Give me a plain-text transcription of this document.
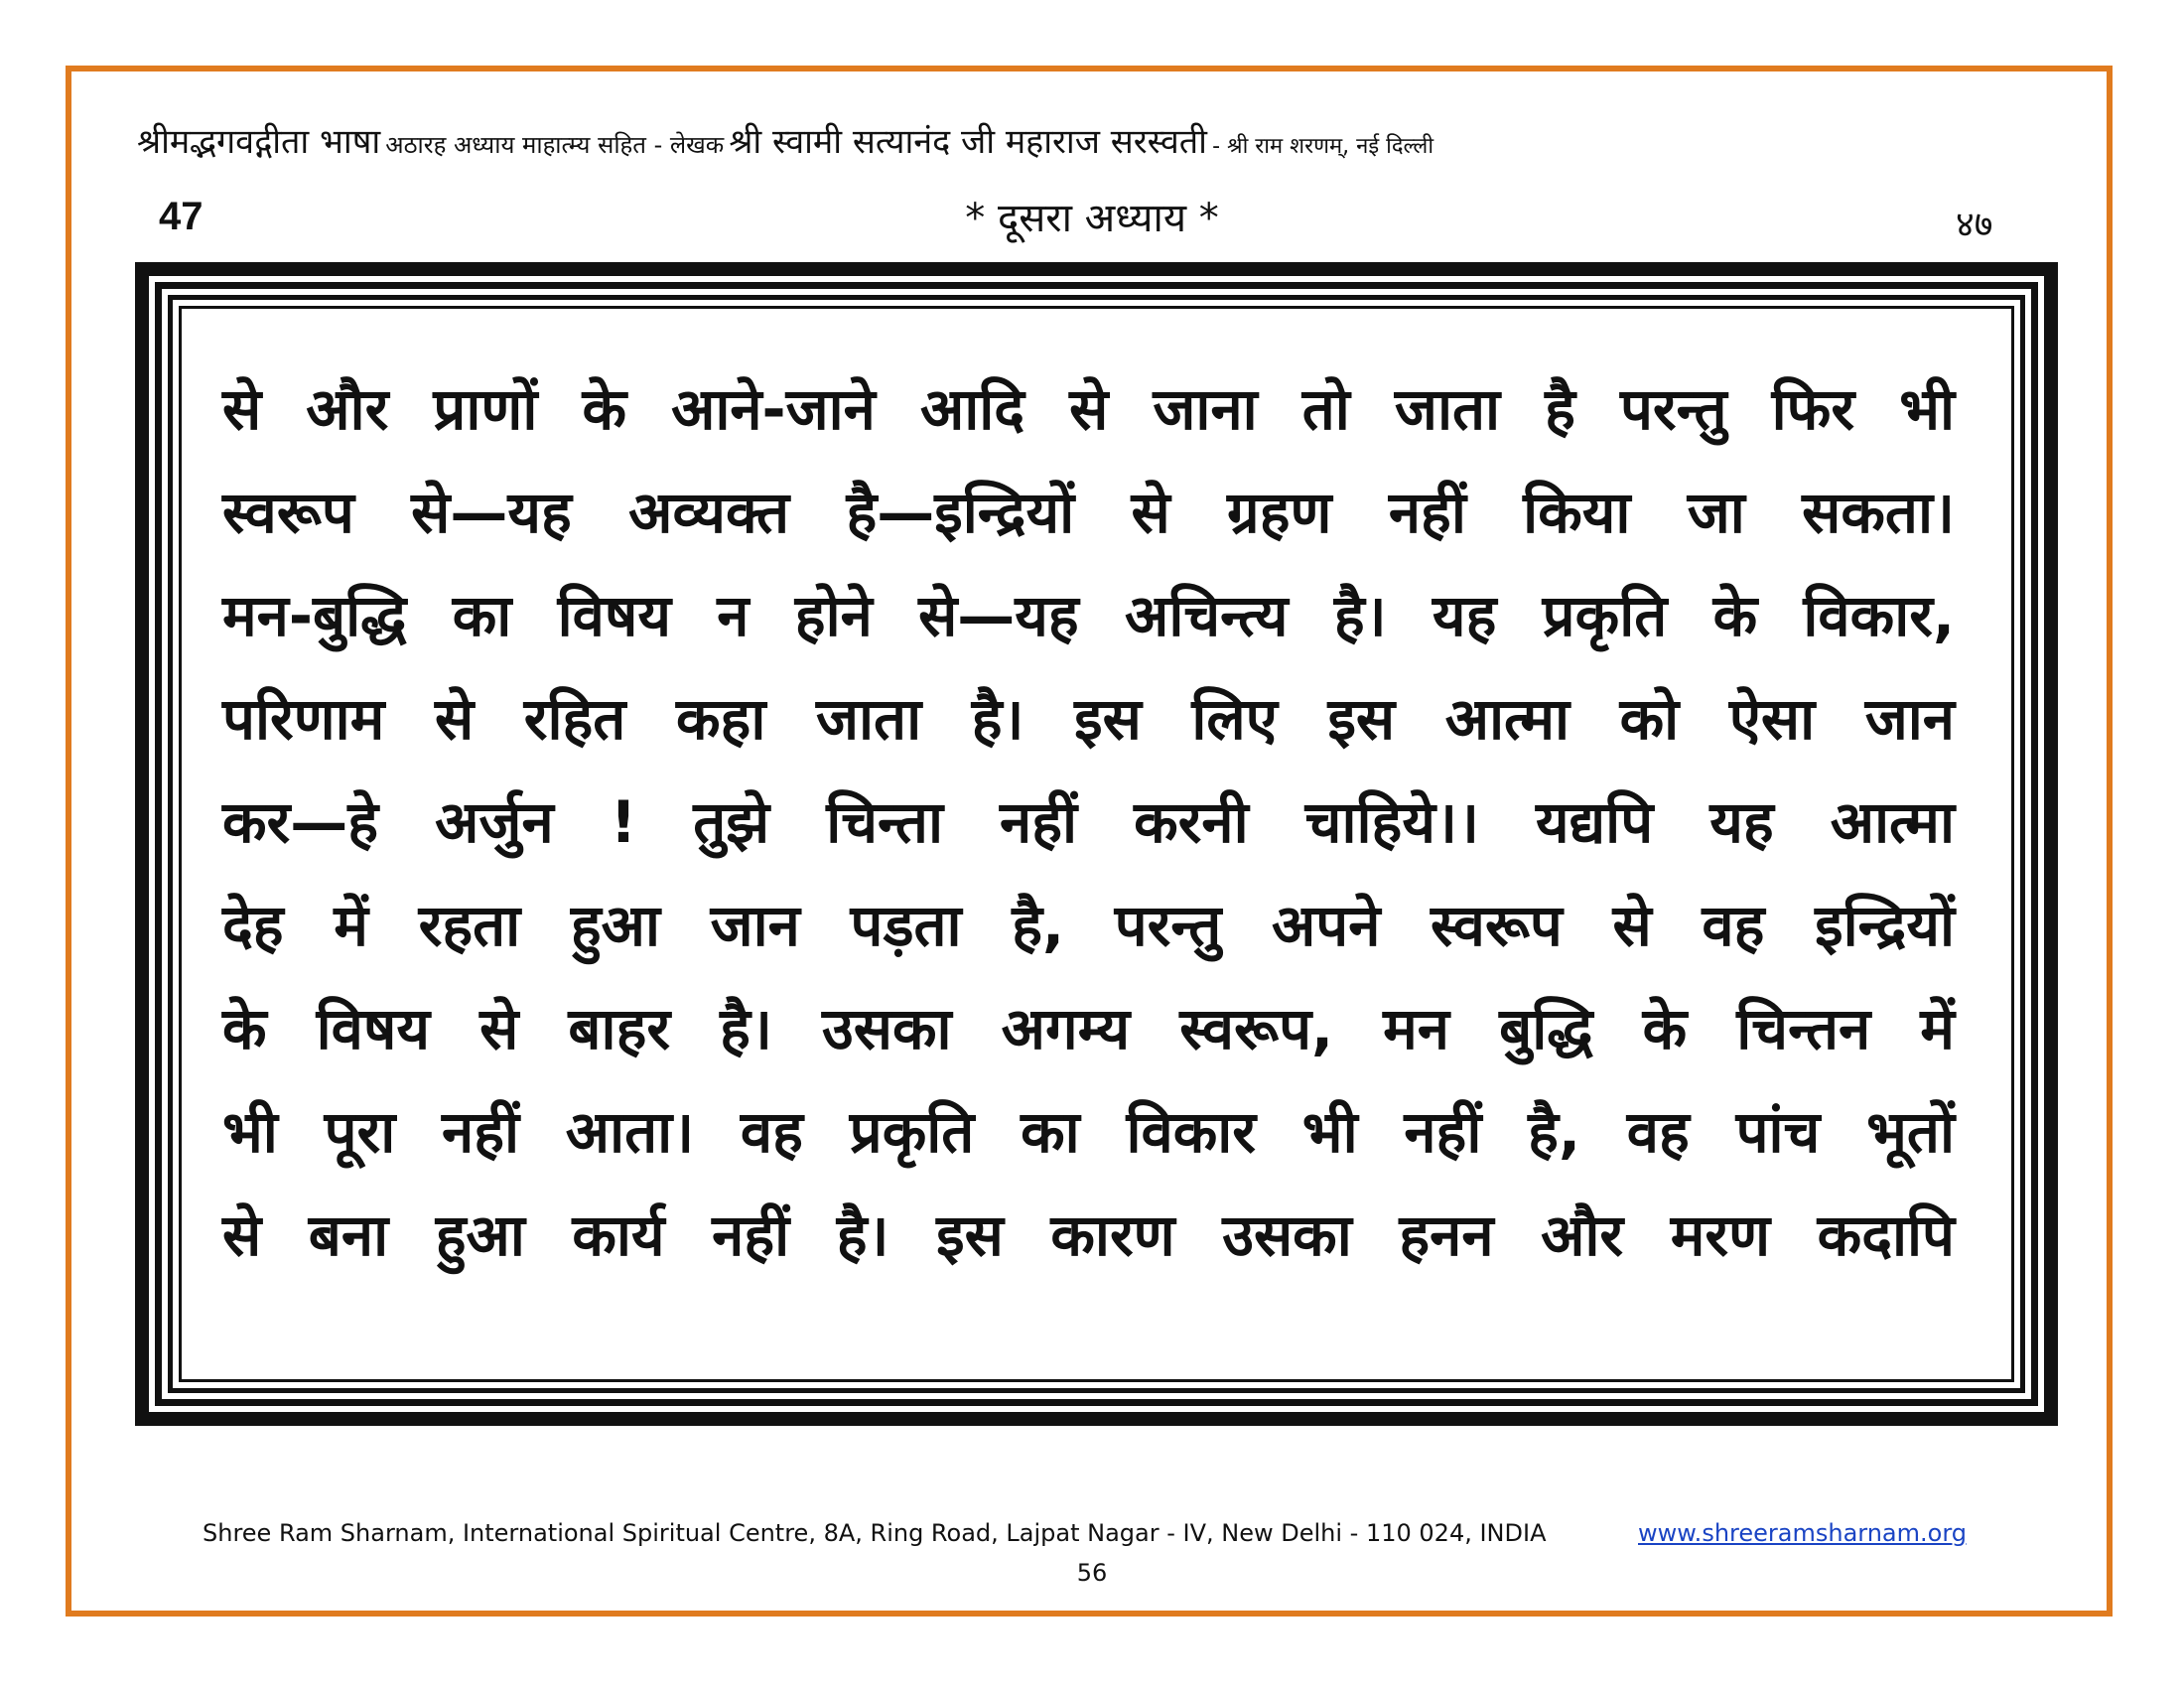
श्रीमद्भगवद्गीता भाषा अठारह अध्याय माहात्म्य सहित - लेखक श्री स्वामी सत्यानंद जी महाराज सरस्वती - श्री राम शरणम्, नई दिल्ली
47	* दूसरा अध्याय *	४७
से और प्राणों के आने-जाने आदि से जाना तो जाता है परन्तु फिर भी
स्वरूप से—यह अव्यक्त है—इन्द्रियों से ग्रहण नहीं किया जा सकता।
मन-बुद्धि का विषय न होने से—यह अचिन्त्य है। यह प्रकृति के विकार,
परिणाम से रहित कहा जाता है। इस लिए इस आत्मा को ऐसा जान
कर—हे अर्जुन ! तुझे चिन्ता नहीं करनी चाहिये।। यद्यपि यह आत्मा
देह में रहता हुआ जान पड़ता है, परन्तु अपने स्वरूप से वह इन्द्रियों
के विषय से बाहर है। उसका अगम्य स्वरूप, मन बुद्धि के चिन्तन में
भी पूरा नहीं आता। वह प्रकृति का विकार भी नहीं है, वह पांच भूतों
से बना हुआ कार्य नहीं है। इस कारण उसका हनन और मरण कदापि
Shree Ram Sharnam, International Spiritual Centre, 8A, Ring Road, Lajpat Nagar - IV, New Delhi - 110 024, INDIA	www.shreeramsharnam.org
56
